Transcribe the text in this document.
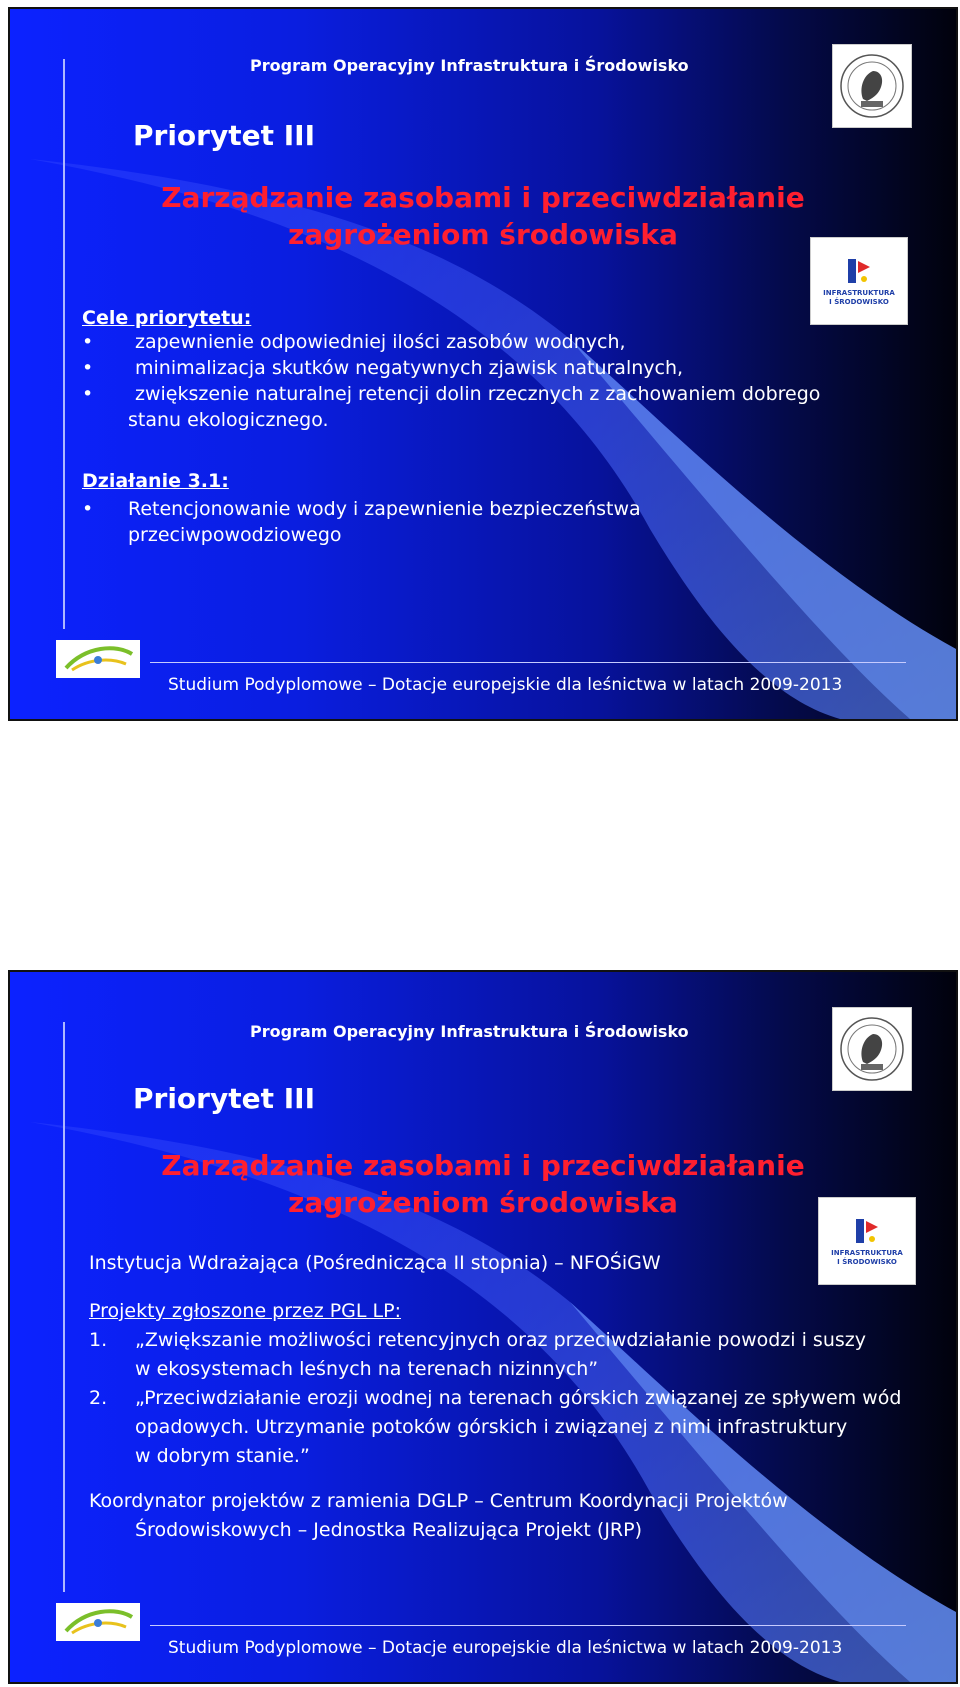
Program Operacyjny Infrastruktura i Środowisko
INFRASTRUKTURA
I ŚRODOWISKO
Priorytet III
Zarządzanie zasobami i przeciwdziałanie
zagrożeniom środowiska
Cele priorytetu:
• zapewnienie odpowiedniej ilości zasobów wodnych,
• minimalizacja skutków negatywnych zjawisk naturalnych,
• zwiększenie naturalnej retencji dolin rzecznych z zachowaniem dobrego
stanu ekologicznego.
Działanie 3.1:
• Retencjonowanie wody i zapewnienie bezpieczeństwa
przeciwpowodziowego
Studium Podyplomowe – Dotacje europejskie dla leśnictwa w latach 2009-2013
Program Operacyjny Infrastruktura i Środowisko
INFRASTRUKTURA
I ŚRODOWISKO
Priorytet III
Zarządzanie zasobami i przeciwdziałanie
zagrożeniom środowiska
Instytucja Wdrażająca (Pośrednicząca II stopnia) – NFOŚiGW
Projekty zgłoszone przez PGL LP:
1. „Zwiększanie możliwości retencyjnych oraz przeciwdziałanie powodzi i suszy
w ekosystemach leśnych na terenach nizinnych”
2. „Przeciwdziałanie erozji wodnej na terenach górskich związanej ze spływem wód
opadowych. Utrzymanie potoków górskich i związanej z nimi infrastruktury
w dobrym stanie.”
Koordynator projektów z ramienia DGLP – Centrum Koordynacji Projektów
Środowiskowych – Jednostka Realizująca Projekt (JRP)
Studium Podyplomowe – Dotacje europejskie dla leśnictwa w latach 2009-2013
